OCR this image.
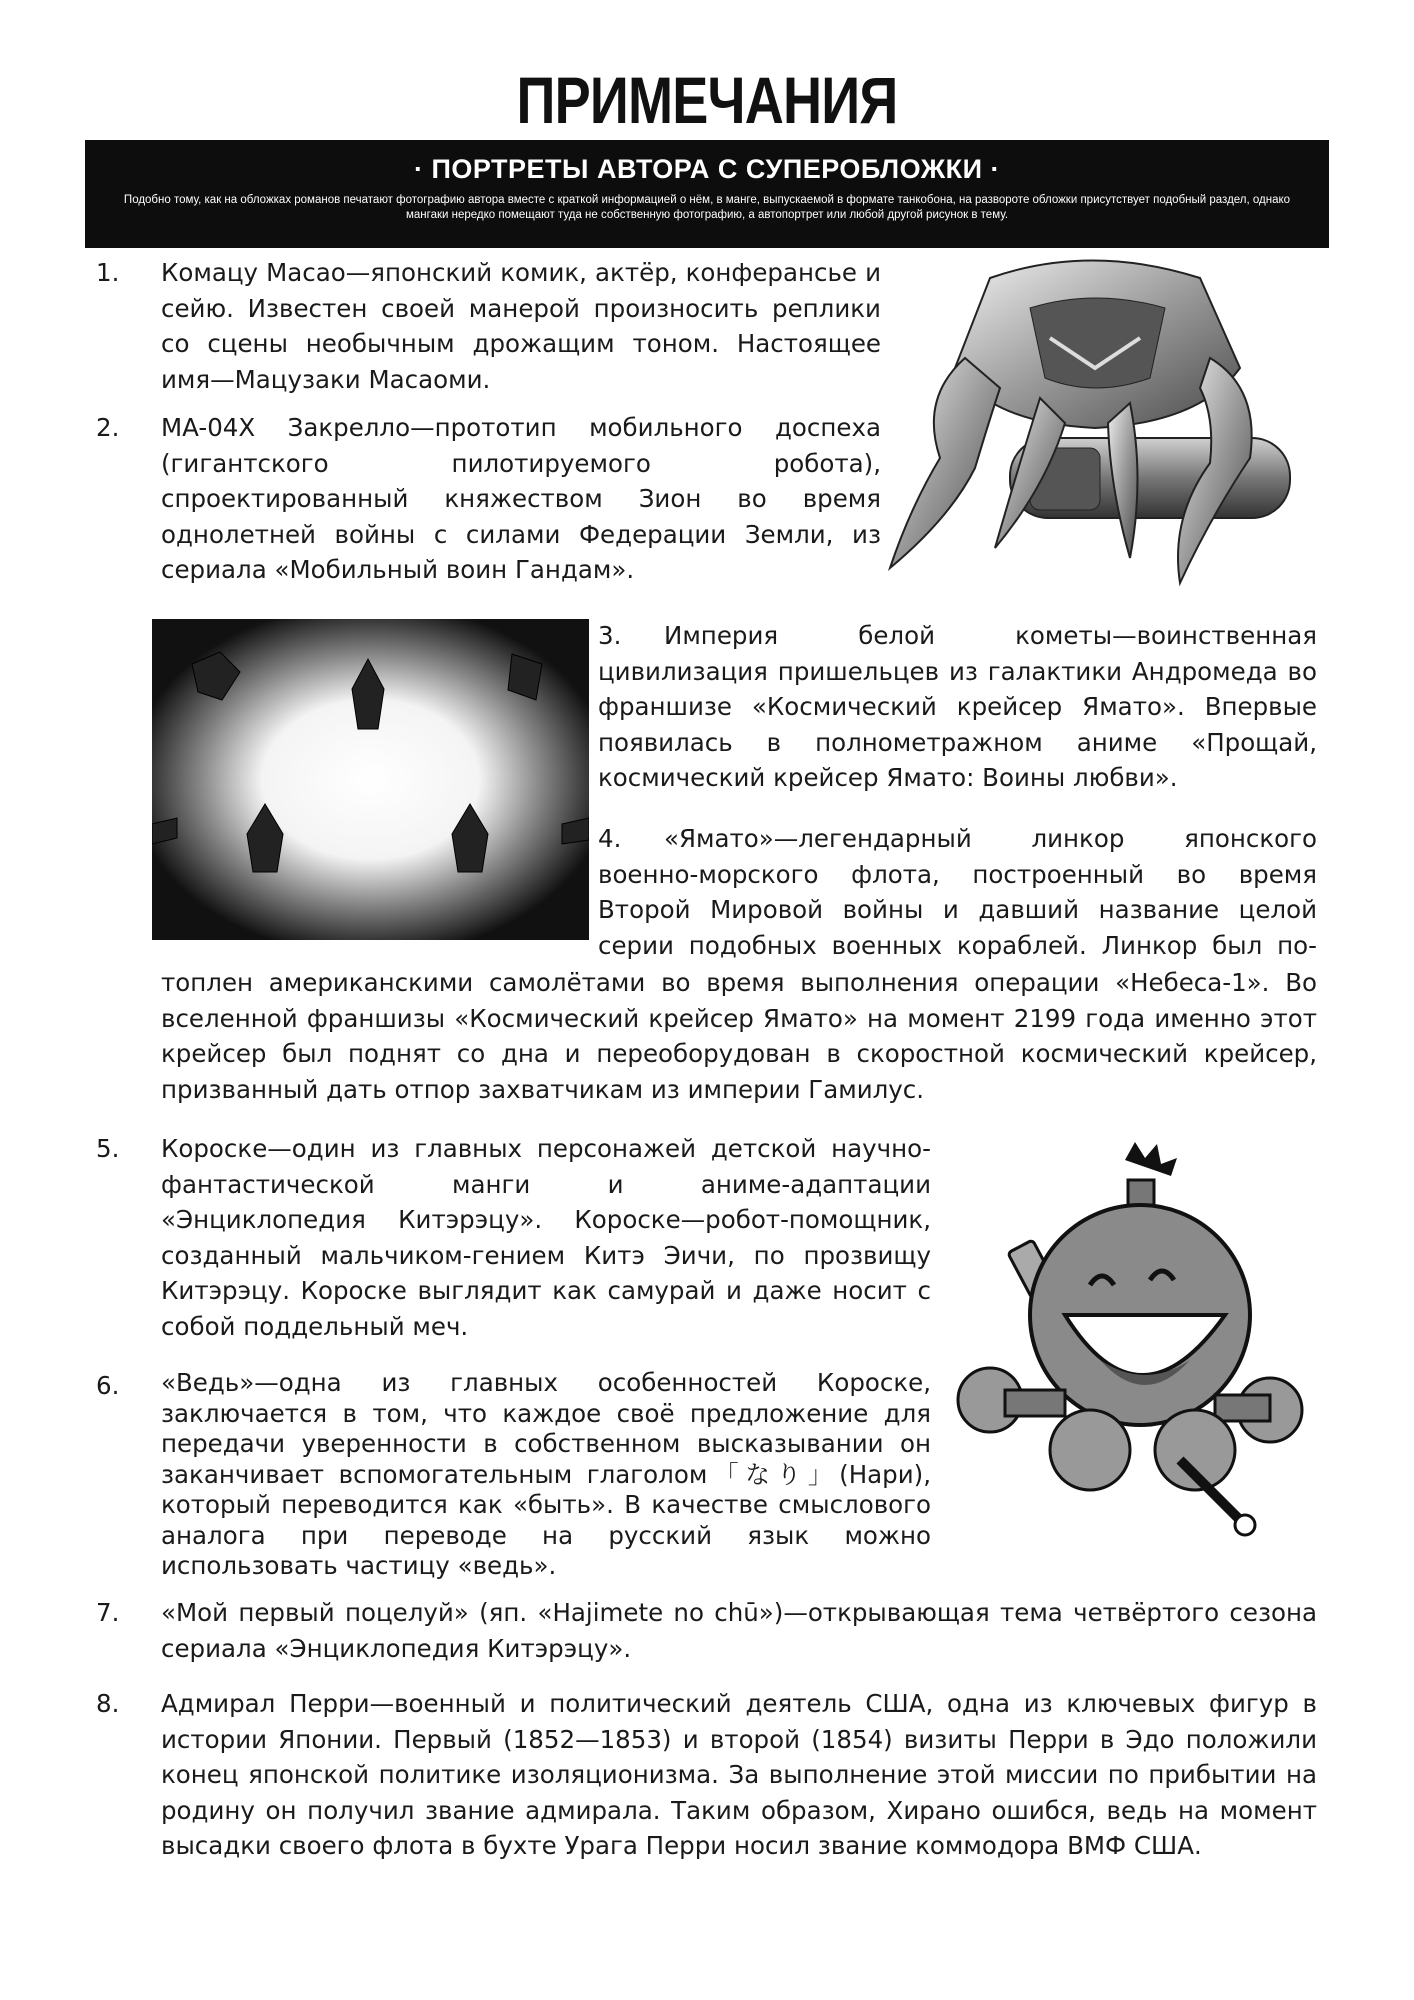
ПРИМЕЧАНИЯ
· ПОРТРЕТЫ АВТОРА С СУПЕРОБЛОЖКИ ·
Подобно тому, как на обложках романов печатают фотографию автора вместе с краткой информацией о нём, в манге, выпускаемой в формате танкобона, на развороте обложки присутствует подобный раздел, однако мангаки нередко помещают туда не собственную фотографию, а автопортрет или любой другой рисунок в тему.
1. Комацу Масао—японский комик, актёр, конферансье и сейю. Известен своей манерой произносить реплики со сцены необычным дрожащим тоном. Настоящее имя—Мацузаки Масаоми.

2. MA-04X Закрелло—прототип мобильного доспеха (гигантского пилотируемого робота), спроектированный княжеством Зион во время однолетней войны с силами Федерации Земли, из сериала «Мобильный воин Гандам».

3.	Империя белой кометы—воинственная цивилизация пришельцев из галактики Андромеда во франшизе «Космический крейсер Ямато». Впервые появилась в полнометражном аниме «Прощай, космический крейсер Ямато: Воины любви».

4.	«Ямато»—легендарный линкор японского военно-морского флота, построенный во время Второй Мировой войны и давший название целой серии подобных военных кораблей. Линкор был по-

топлен американскими самолётами во время выполнения операции «Небеса-1». Во вселенной франшизы «Космический крейсер Ямато» на момент 2199 года именно этот крейсер был поднят со дна и переоборудован в скоростной космический крейсер, призванный дать отпор захватчикам из империи Гамилус.

5. Короске—один из главных персонажей детской научно-фантастической манги и аниме-адаптации «Энциклопедия Китэрэцу». Короске—робот-помощник, созданный мальчиком-гением Китэ Эичи, по прозвищу Китэрэцу. Короске выглядит как самурай и даже носит с собой поддельный меч.

6. «Ведь»—одна из главных особенностей Короске, заключается в том, что каждое своё предложение для передачи уверенности в собственном высказывании он заканчивает вспомогательным глаголом「なり」(Нари), который переводится как «быть». В качестве смыслового аналога при переводе на русский язык можно использовать частицу «ведь».

7. «Мой первый поцелуй» (яп. «Hajimete no chū»)—открывающая тема четвёртого сезона сериала «Энциклопедия Китэрэцу».

8. Адмирал Перри—военный и политический деятель США, одна из ключевых фигур в истории Японии. Первый (1852—1853) и второй (1854) визиты Перри в Эдо положили конец японской политике изоляционизма. За выполнение этой миссии по прибытии на родину он получил звание адмирала. Таким образом, Хирано ошибся, ведь на момент высадки своего флота в бухте Урага Перри носил звание коммодора ВМФ США.
